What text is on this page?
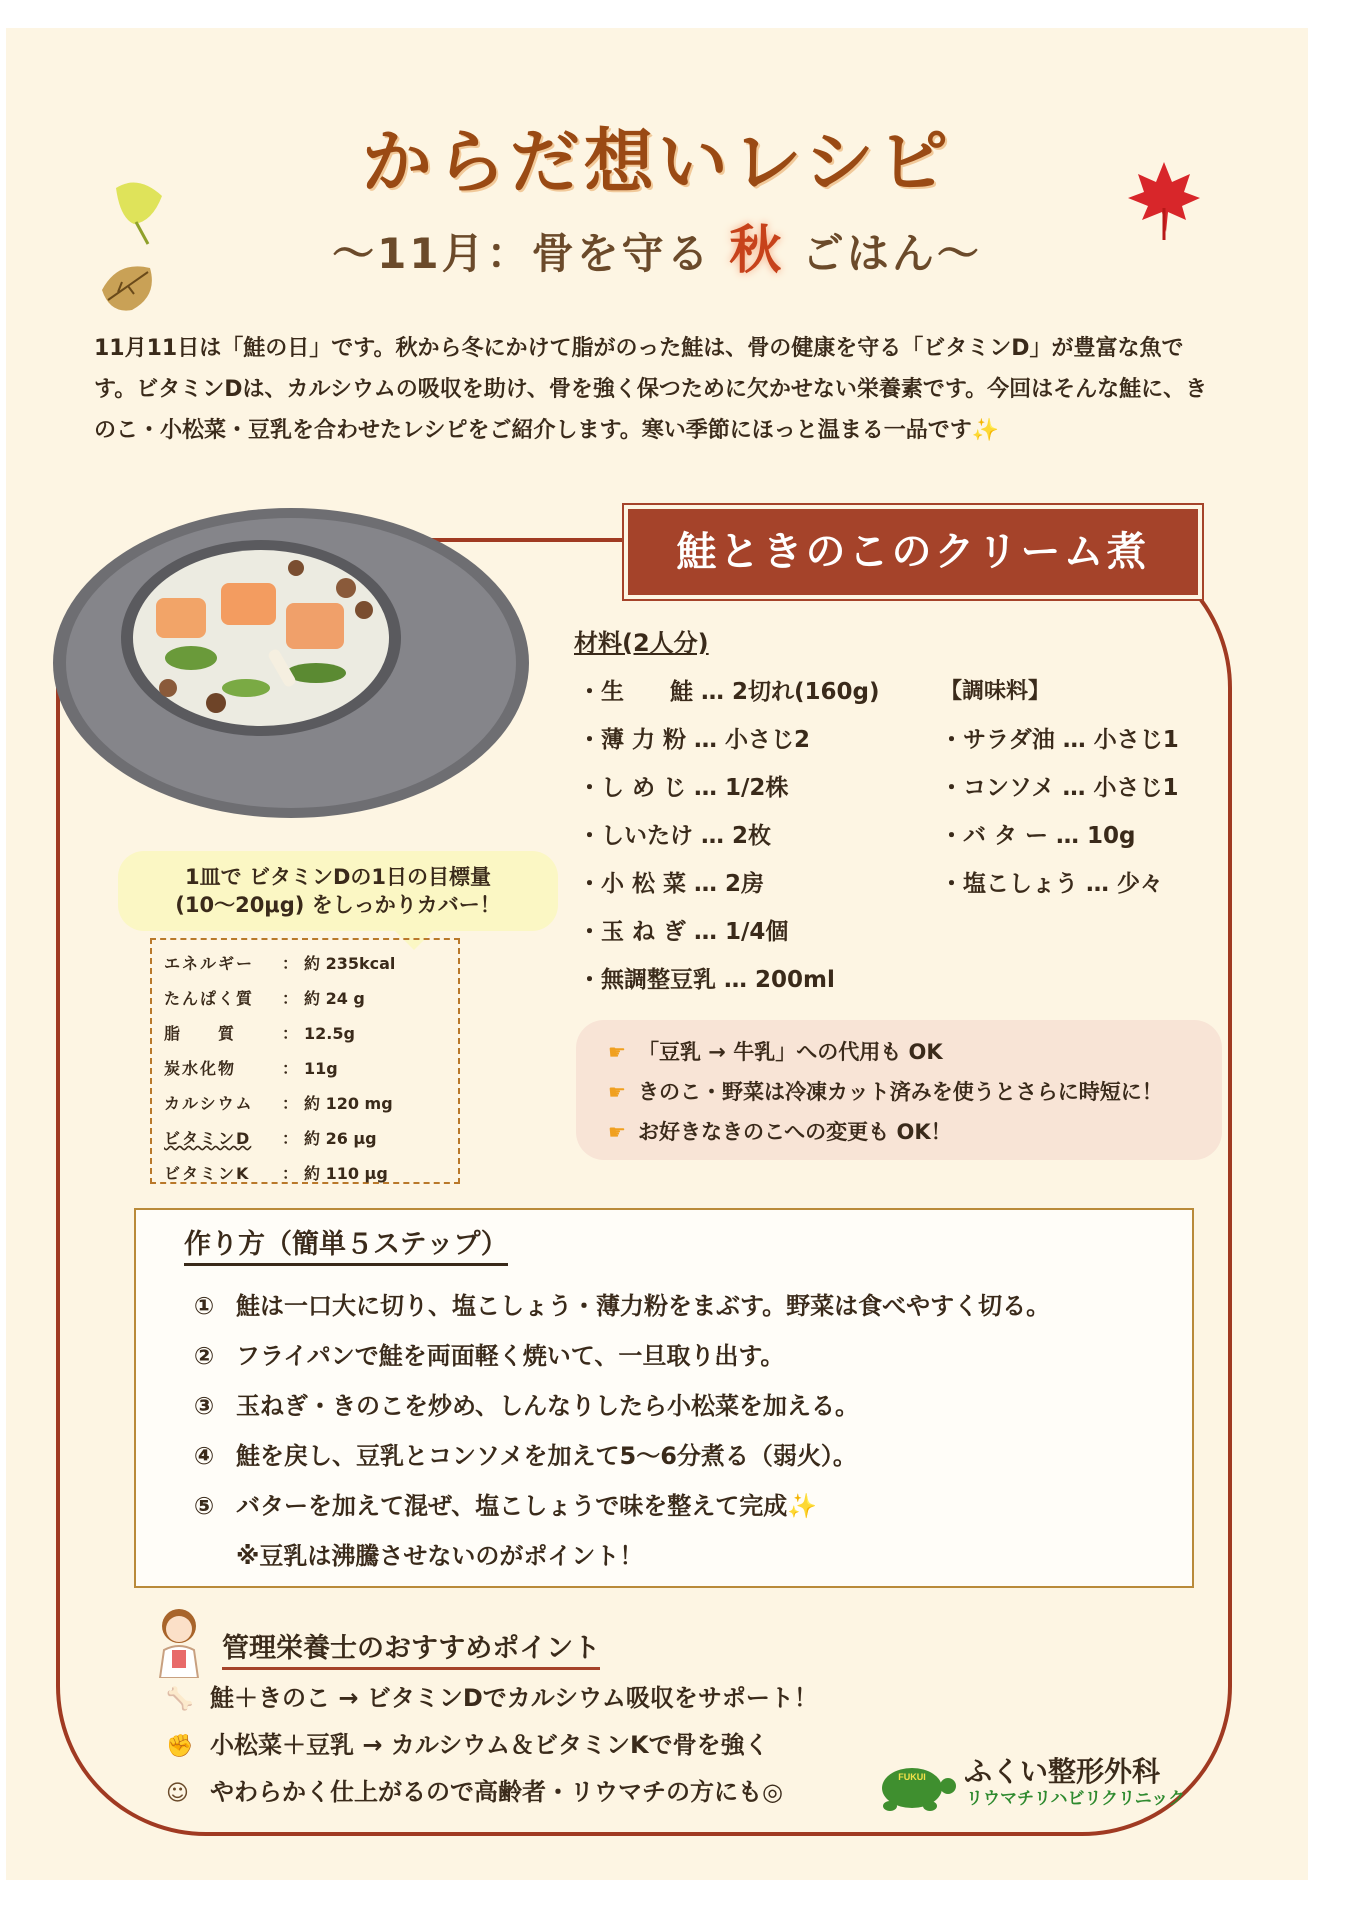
からだ想いレシピ
～11月：骨を守る 秋 ごはん～

11月11日は「鮭の日」です。秋から冬にかけて脂がのった鮭は、骨の健康を守る「ビタミンD」が豊富な魚です。ビタミンDは、カルシウムの吸収を助け、骨を強く保つために欠かせない栄養素です。今回はそんな鮭に、きのこ・小松菜・豆乳を合わせたレシピをご紹介します。寒い季節にほっと温まる一品です✨

鮭ときのこのクリーム煮
1皿で ビタミンDの1日の目標量
(10～20μg) をしっかりカバー！
エネルギー	： 約 235kcal
たんぱく質	： 約 24 g
脂　　質	： 12.5g
炭水化物	： 11g
カルシウム	： 約 120 mg
ビタミンD	： 約 26 μg
ビタミンK	： 約 110 μg
材料(2人分)
・生　　鮭 … 2切れ(160g)
・薄 力 粉 … 小さじ2
・し め じ … 1/2株
・しいたけ … 2枚
・小 松 菜 … 2房
・玉 ね ぎ … 1/4個
・無調整豆乳 … 200ml
【調味料】
・サラダ油 … 小さじ1
・コンソメ … 小さじ1
・バ タ ー … 10g
・塩こしょう … 少々
☛ 「豆乳 → 牛乳」への代用も OK
☛ きのこ・野菜は冷凍カット済みを使うとさらに時短に！
☛ お好きなきのこへの変更も OK！
作り方（簡単５ステップ）
① 鮭は一口大に切り、塩こしょう・薄力粉をまぶす。野菜は食べやすく切る。
② フライパンで鮭を両面軽く焼いて、一旦取り出す。
③ 玉ねぎ・きのこを炒め、しんなりしたら小松菜を加える。
④ 鮭を戻し、豆乳とコンソメを加えて5～6分煮る（弱火）。
⑤ バターを加えて混ぜ、塩こしょうで味を整えて完成✨
※豆乳は沸騰させないのがポイント！
管理栄養士のおすすめポイント
🦴 鮭＋きのこ → ビタミンDでカルシウム吸収をサポート！
✊ 小松菜＋豆乳 → カルシウム＆ビタミンKで骨を強く
☺ やわらかく仕上がるので高齢者・リウマチの方にも◎
FUKUI ふくい整形外科
リウマチリハビリクリニック
